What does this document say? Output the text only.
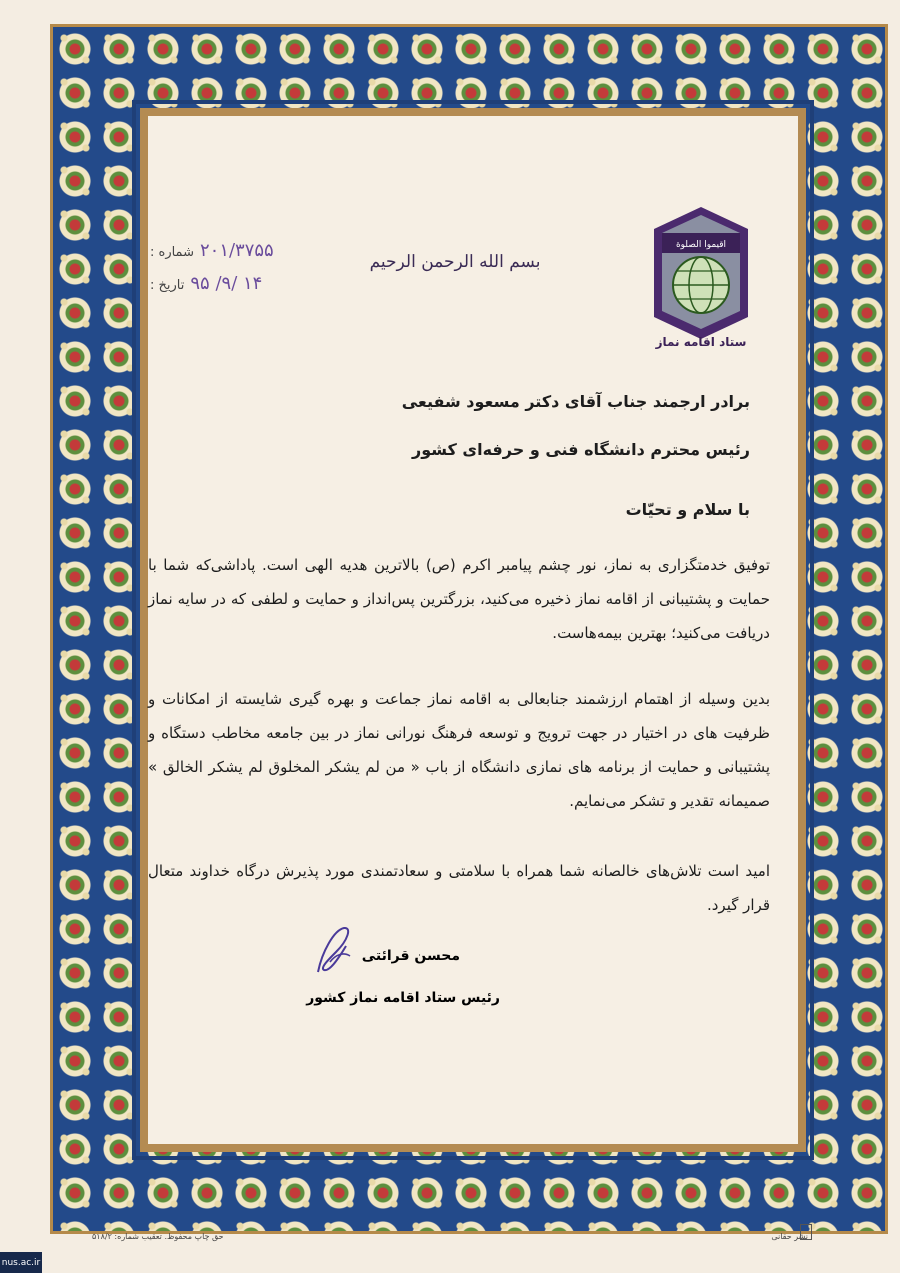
اقیموا الصلوة
ستاد اقامه نماز
بسم الله الرحمن الرحیم
شماره : ۲۰۱/۳۷۵۵
تاریخ : ۱۴ /۹/ ۹۵
برادر ارجمند جناب آقای دکتر مسعود شفیعی
رئیس محترم دانشگاه فنی و حرفه‌ای کشور
با سلام و تحیّات

توفیق خدمتگزاری به نماز، نور چشم پیامبر اکرم (ص) بالاترین هدیه الهی است. پاداشی‌که شما با حمایت و پشتیبانی از اقامه نماز ذخیره می‌کنید، بزرگترین پس‌انداز و حمایت و لطفی که در سایه نماز دریافت می‌کنید؛ بهترین بیمه‌هاست.

بدین وسیله از اهتمام ارزشمند جنابعالی به اقامه نماز جماعت و بهره گیری شایسته از امکانات و ظرفیت های در اختیار در جهت ترویج و توسعه فرهنگ نورانی نماز در بین جامعه مخاطب دستگاه و پشتیبانی و حمایت از برنامه های نمازی دانشگاه از باب « من لم یشکر المخلوق لم یشکر الخالق » صمیمانه تقدیر و تشکر می‌نمایم.

امید است تلاش‌های خالصانه شما همراه با سلامتی و سعادتمندی مورد پذیرش درگاه خداوند متعال قرار گیرد.

محسن قرائتی
رئیس ستاد اقامه نماز کشور
حق چاپ محفوظ. تعقیب شماره: ۵۱۸/۲	نشر حقانی
nus.ac.ir
